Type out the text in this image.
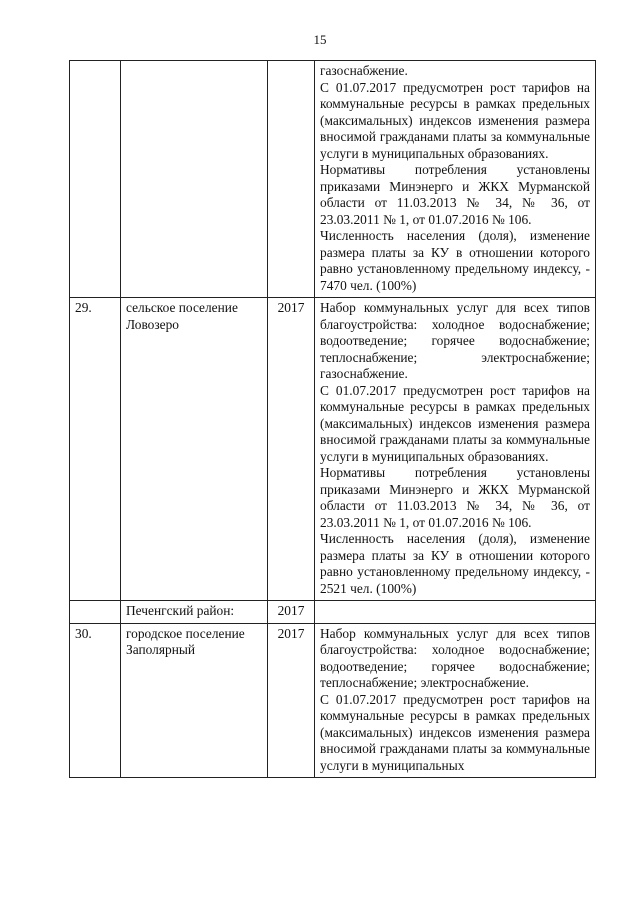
15

			газоснабжение.
С 01.07.2017 предусмотрен рост тарифов на коммунальные ресурсы в рамках предельных (максимальных) индексов изменения размера вносимой гражданами платы за коммунальные услуги в муниципальных образованиях.
Нормативы потребления установлены приказами Минэнерго и ЖКХ Мурманской области от 11.03.2013 № 34, № 36, от 23.03.2011 № 1, от 01.07.2016 № 106.
Численность населения (доля), изменение размера платы за КУ в отношении которого равно установленному предельному индексу, - 7470 чел. (100%)

29.	сельское поселение Ловозеро	2017	Набор коммунальных услуг для всех типов благоустройства: холодное водоснабжение; водоотведение; горячее водоснабжение; теплоснабжение; электроснабжение; газоснабжение.
С 01.07.2017 предусмотрен рост тарифов на коммунальные ресурсы в рамках предельных (максимальных) индексов изменения размера вносимой гражданами платы за коммунальные услуги в муниципальных образованиях.
Нормативы потребления установлены приказами Минэнерго и ЖКХ Мурманской области от 11.03.2013 № 34, № 36, от 23.03.2011 № 1, от 01.07.2016 № 106.
Численность населения (доля), изменение размера платы за КУ в отношении которого равно установленному предельному индексу, - 2521 чел. (100%)

	Печенгский район:	2017	
30.	городское поселение Заполярный	2017	Набор коммунальных услуг для всех типов благоустройства: холодное водоснабжение; водоотведение; горячее водоснабжение; теплоснабжение; электроснабжение.
С 01.07.2017 предусмотрен рост тарифов на коммунальные ресурсы в рамках предельных (максимальных) индексов изменения размера вносимой гражданами платы за коммунальные услуги в муниципальных
